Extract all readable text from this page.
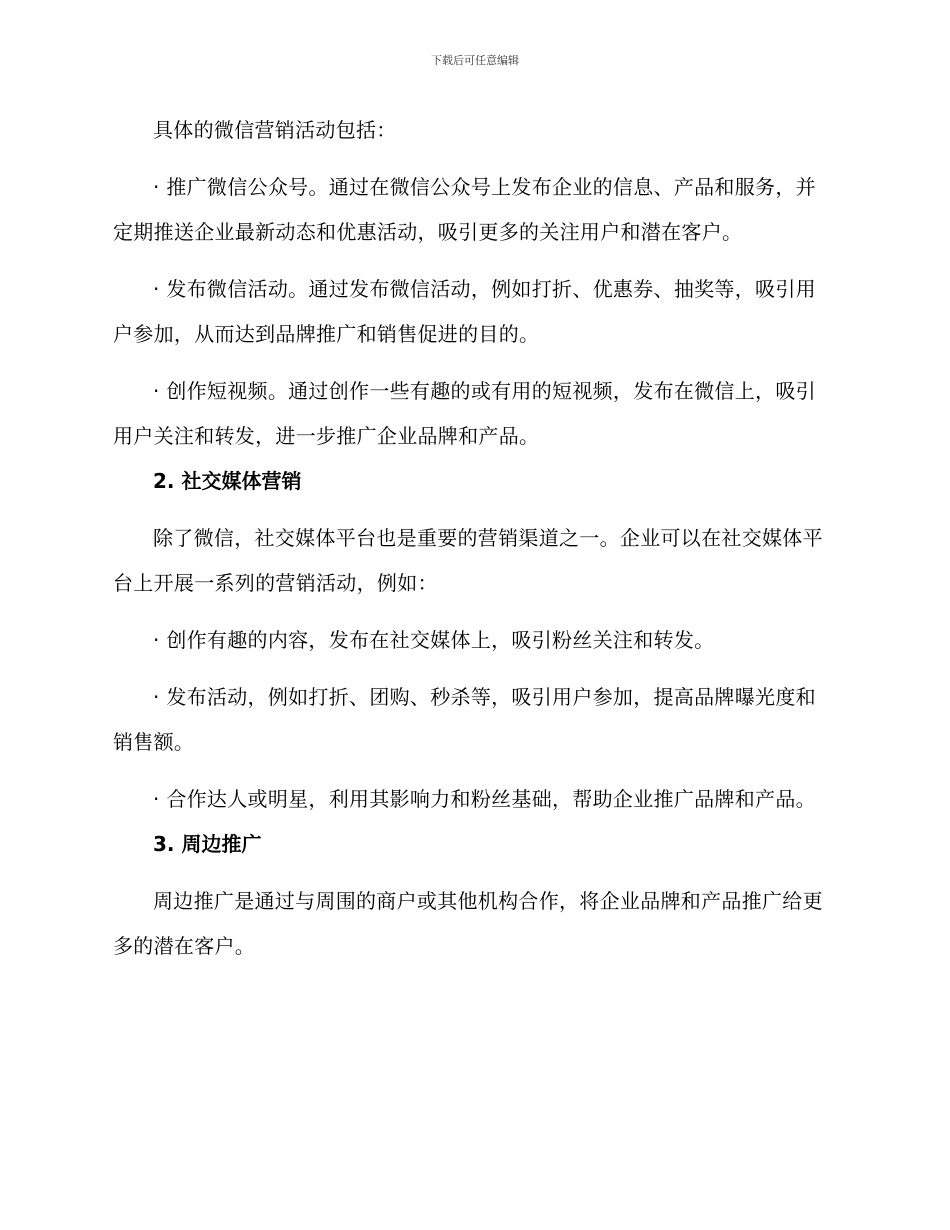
下载后可任意编辑

具体的微信营销活动包括：

· 推广微信公众号。通过在微信公众号上发布企业的信息、产品和服务，并定期推送企业最新动态和优惠活动，吸引更多的关注用户和潜在客户。

· 发布微信活动。通过发布微信活动，例如打折、优惠券、抽奖等，吸引用户参加，从而达到品牌推广和销售促进的目的。

· 创作短视频。通过创作一些有趣的或有用的短视频，发布在微信上，吸引用户关注和转发，进一步推广企业品牌和产品。

2. 社交媒体营销

除了微信，社交媒体平台也是重要的营销渠道之一。企业可以在社交媒体平台上开展一系列的营销活动，例如：

· 创作有趣的内容，发布在社交媒体上，吸引粉丝关注和转发。

· 发布活动，例如打折、团购、秒杀等，吸引用户参加，提高品牌曝光度和销售额。

· 合作达人或明星，利用其影响力和粉丝基础，帮助企业推广品牌和产品。

3. 周边推广

周边推广是通过与周围的商户或其他机构合作，将企业品牌和产品推广给更多的潜在客户。
